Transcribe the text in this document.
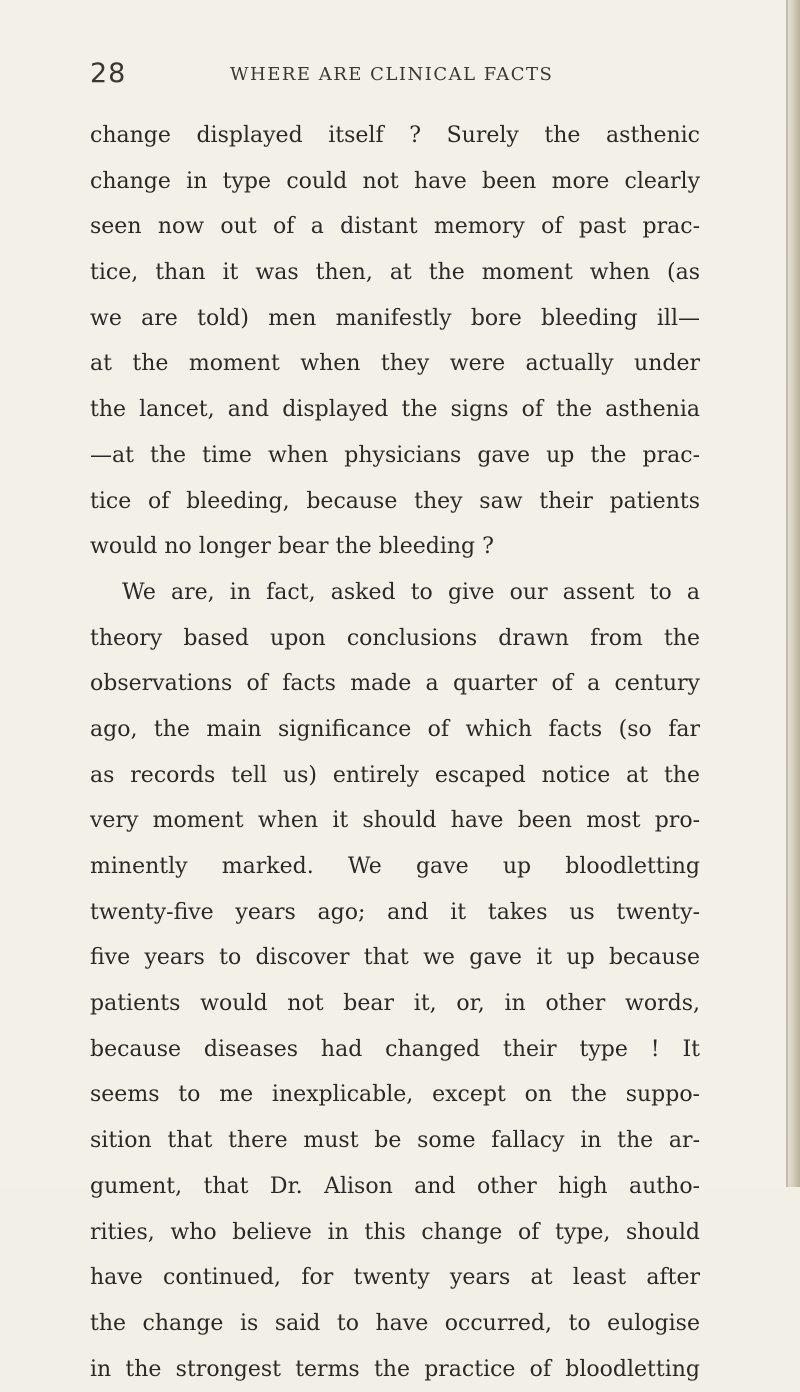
28	WHERE ARE CLINICAL FACTS
change displayed itself ? Surely the asthenic
change in type could not have been more clearly
seen now out of a distant memory of past prac-
tice, than it was then, at the moment when (as
we are told) men manifestly bore bleeding ill—
at the moment when they were actually under
the lancet, and displayed the signs of the asthenia
—at the time when physicians gave up the prac-
tice of bleeding, because they saw their patients
would no longer bear the bleeding ?
We are, in fact, asked to give our assent to a
theory based upon conclusions drawn from the
observations of facts made a quarter of a century
ago, the main significance of which facts (so far
as records tell us) entirely escaped notice at the
very moment when it should have been most pro-
minently marked. We gave up bloodletting
twenty-five years ago; and it takes us twenty-
five years to discover that we gave it up because
patients would not bear it, or, in other words,
because diseases had changed their type ! It
seems to me inexplicable, except on the suppo-
sition that there must be some fallacy in the ar-
gument, that Dr. Alison and other high autho-
rities, who believe in this change of type, should
have continued, for twenty years at least after
the change is said to have occurred, to eulogise
in the strongest terms the practice of bloodletting
